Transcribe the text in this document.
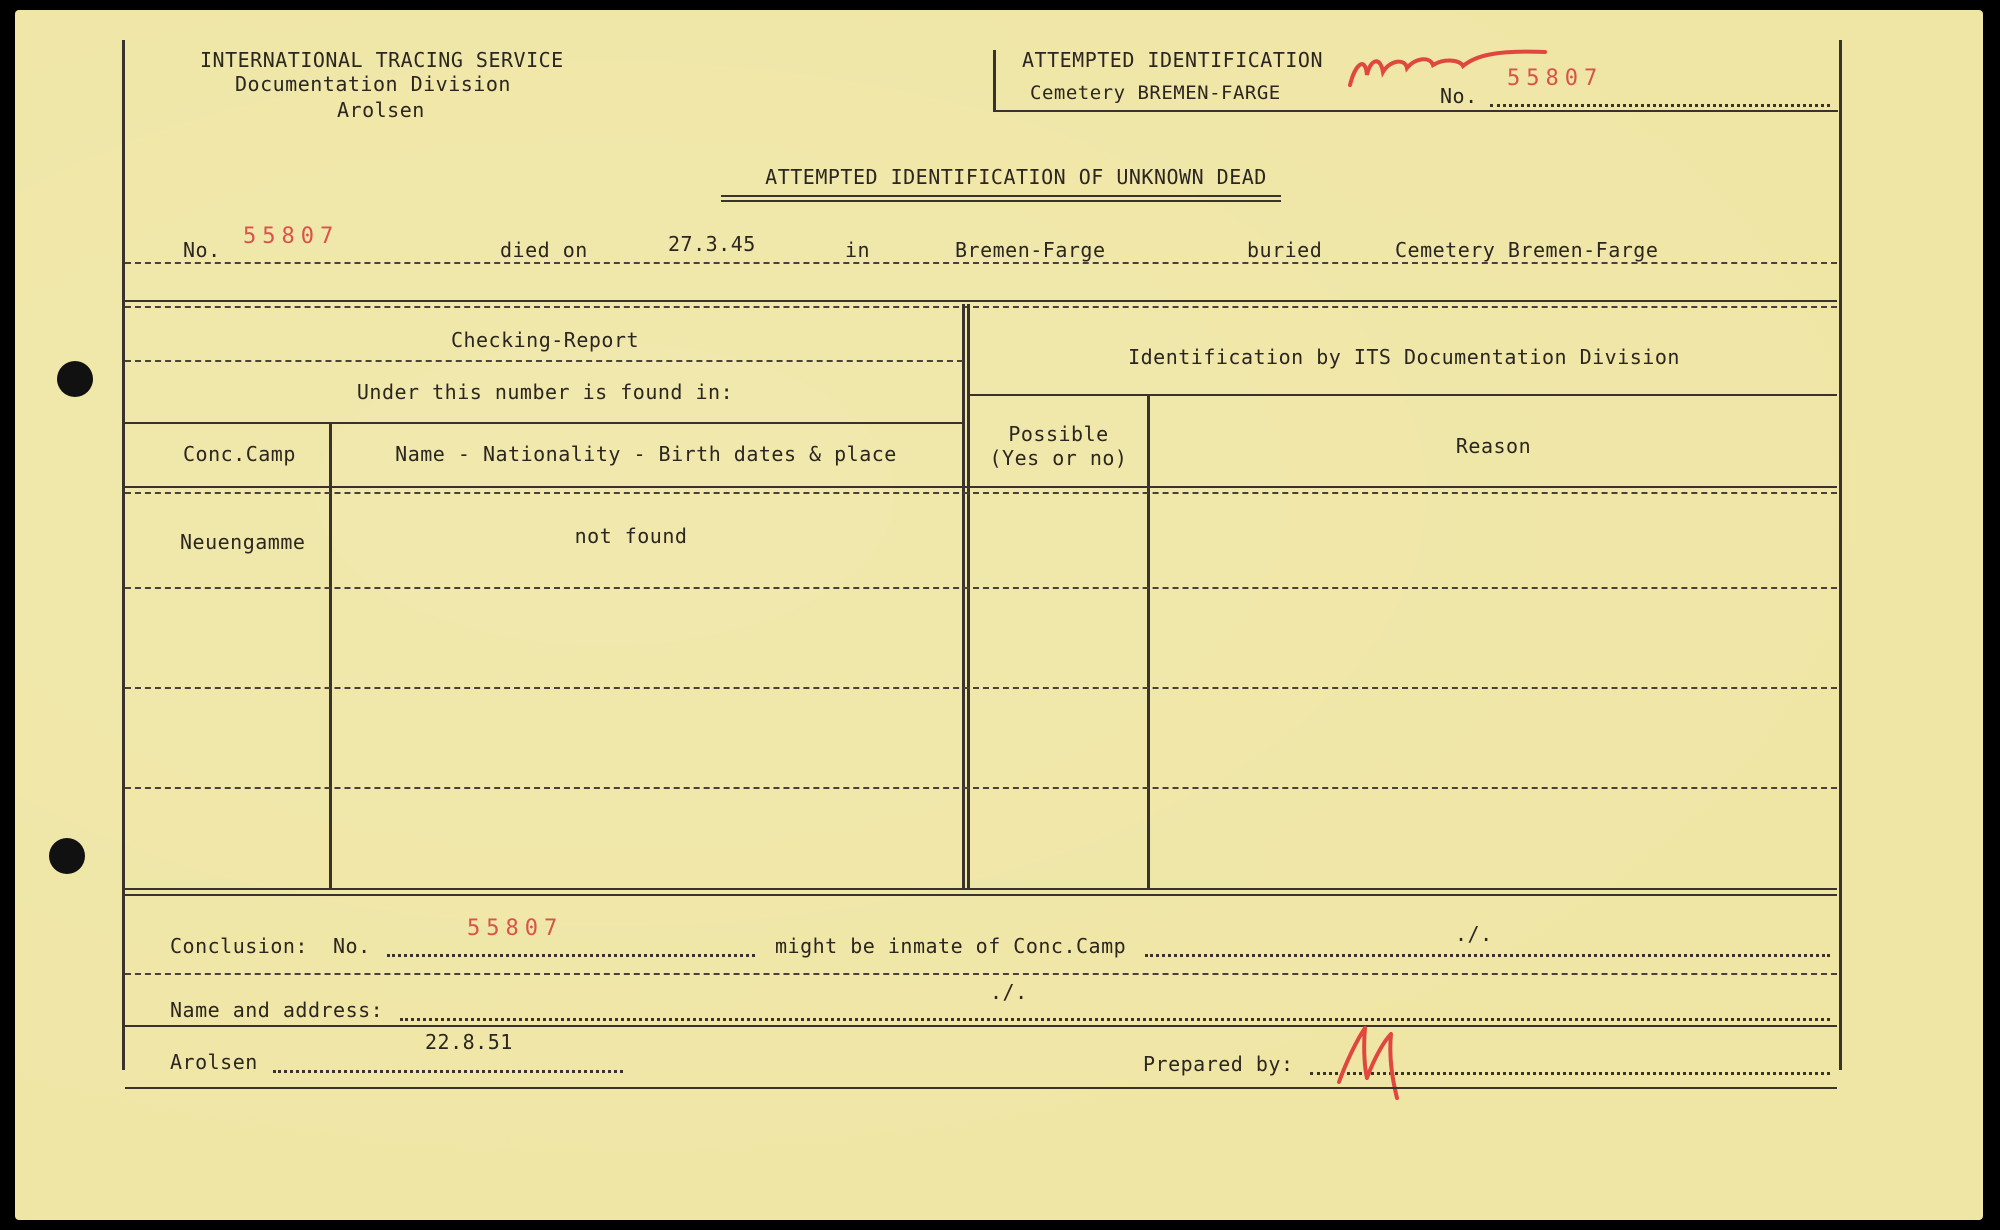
INTERNATIONAL TRACING SERVICE
Documentation Division
Arolsen
ATTEMPTED IDENTIFICATION
Cemetery BREMEN-FARGE	No.
55807
ATTEMPTED IDENTIFICATION OF UNKNOWN DEAD
No.
55807
died on	27.3.45	in	Bremen-Farge	buried	Cemetery Bremen-Farge
Checking-Report
Under this number is found in:
Conc.Camp	Name - Nationality - Birth dates & place
Identification by ITS Documentation Division
Possible
(Yes or no)	Reason
Neuengamme	not found
Conclusion: No.
55807
might be inmate of Conc.Camp	./.
Name and address:
./.
Arolsen
22.8.51
Prepared by:
